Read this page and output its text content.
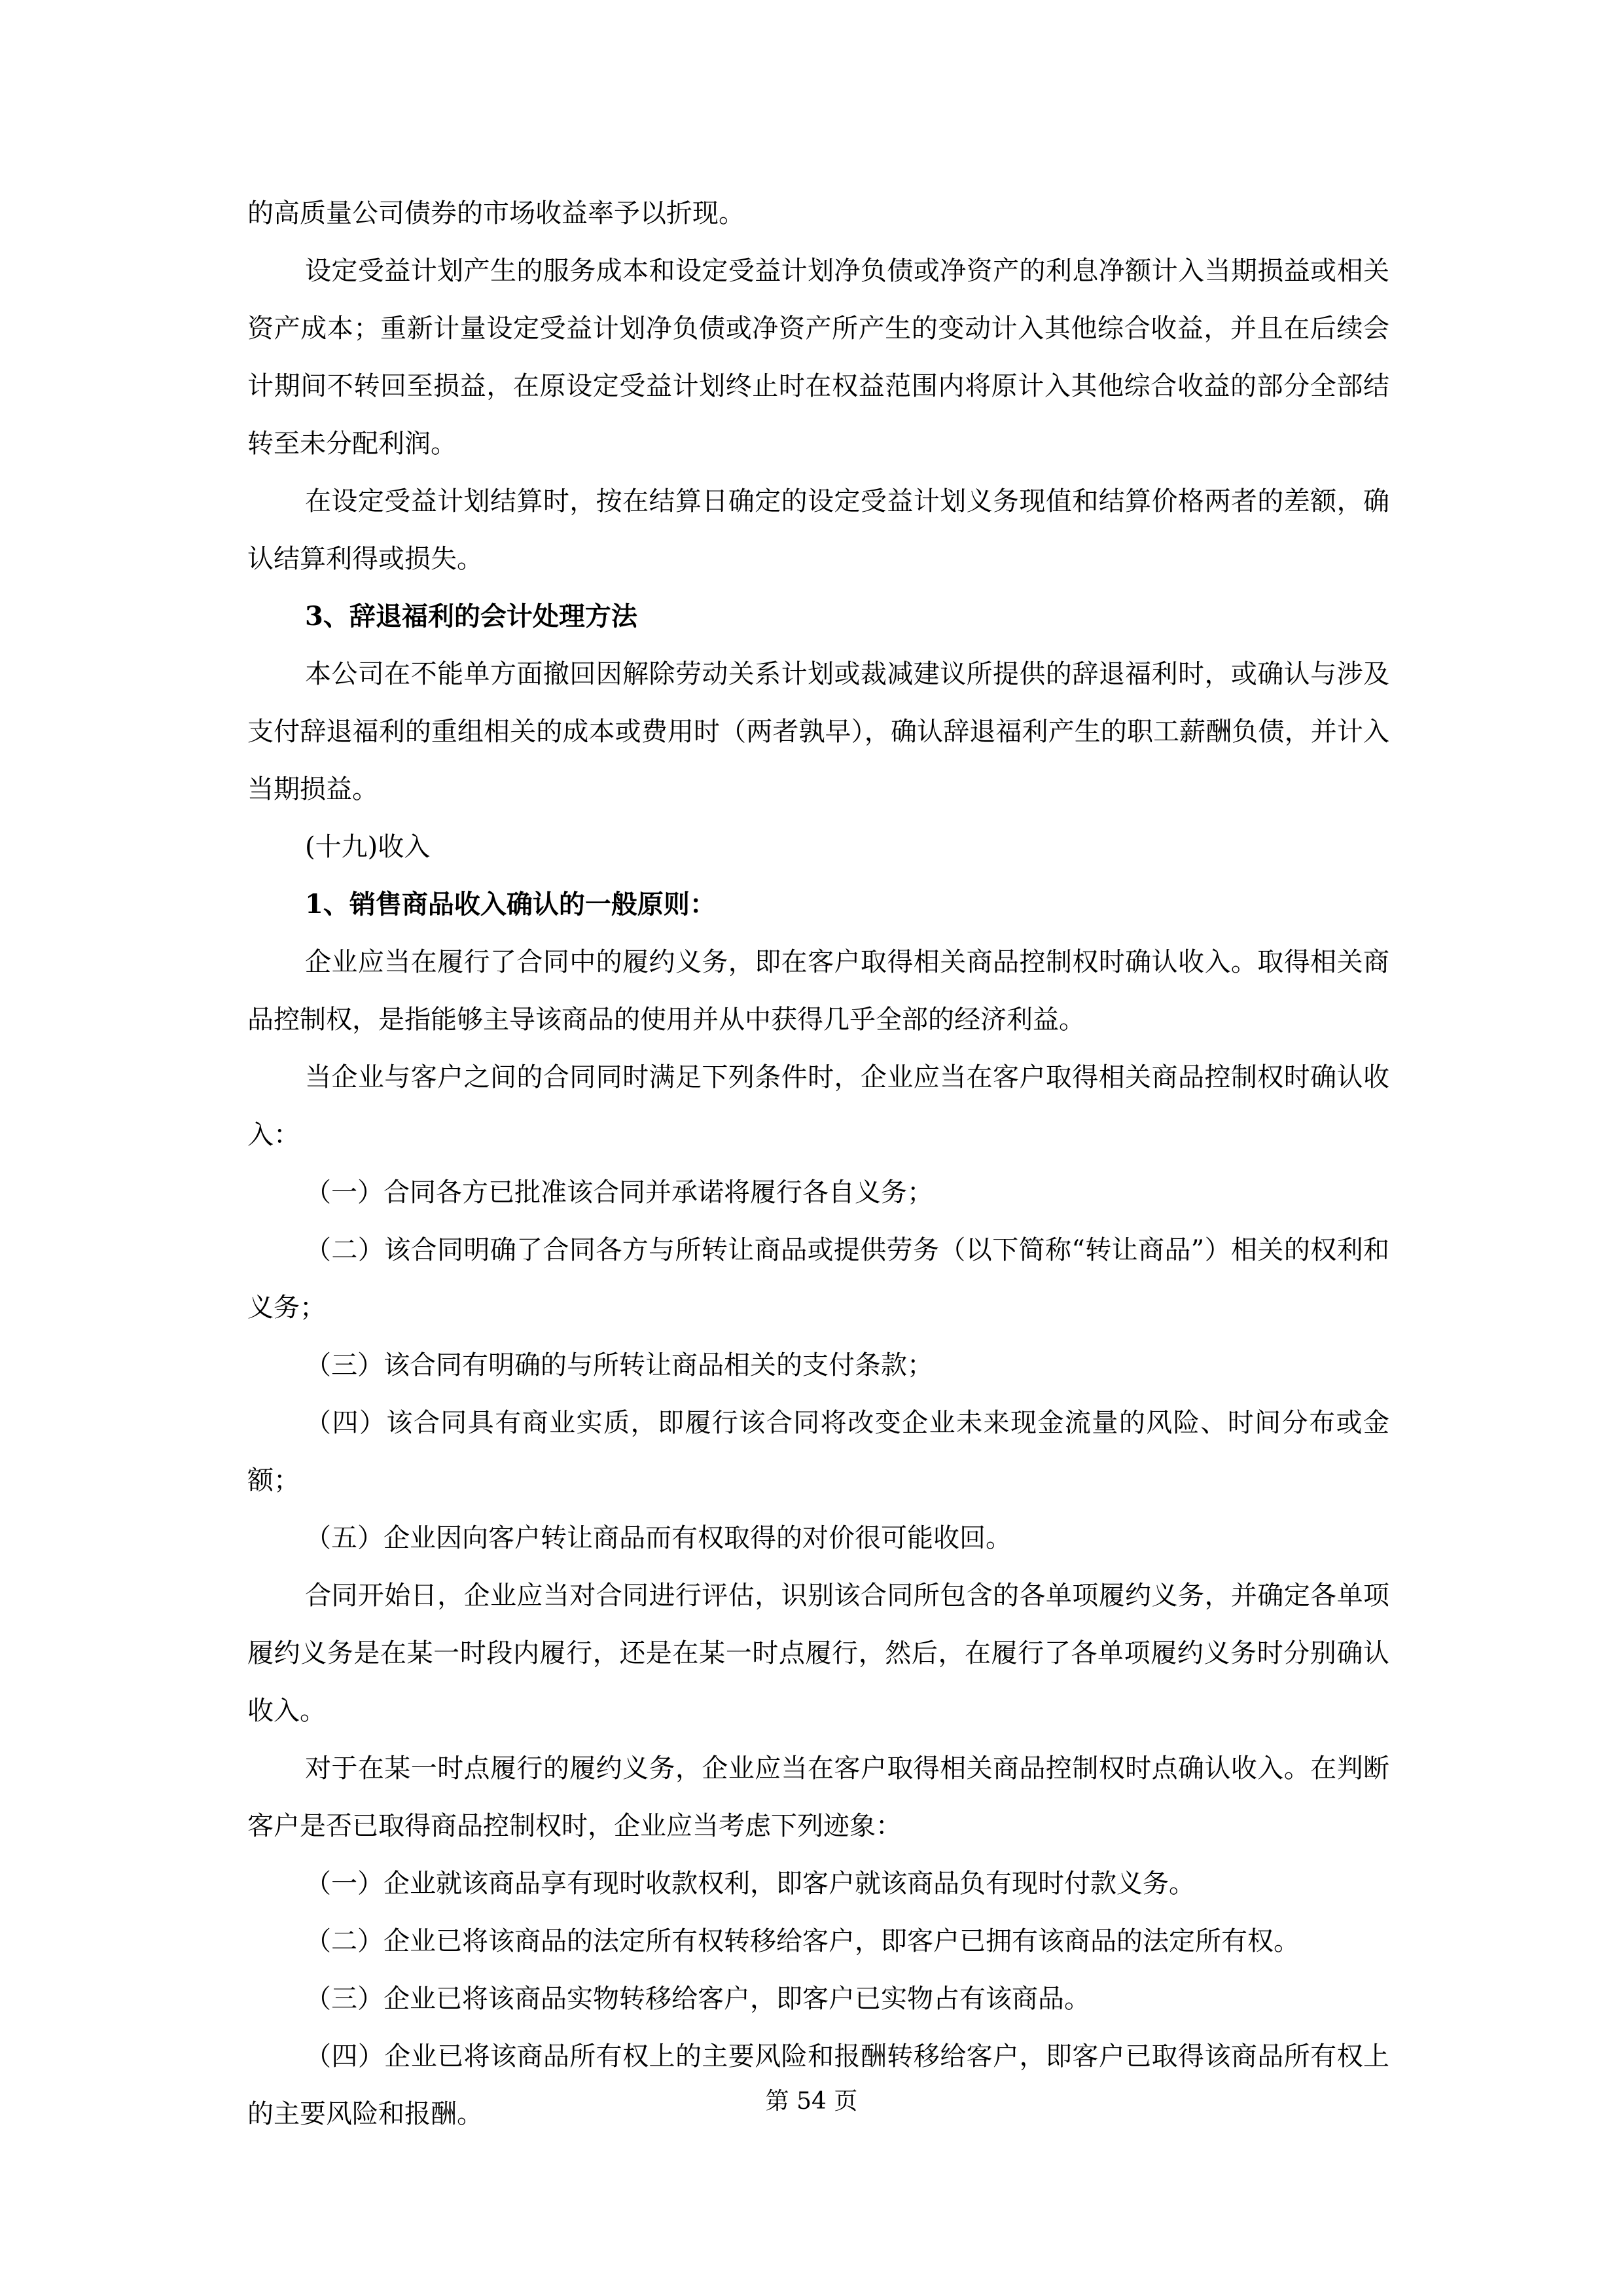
的高质量公司债券的市场收益率予以折现。

设定受益计划产生的服务成本和设定受益计划净负债或净资产的利息净额计入当期损益或相关资产成本；重新计量设定受益计划净负债或净资产所产生的变动计入其他综合收益，并且在后续会计期间不转回至损益，在原设定受益计划终止时在权益范围内将原计入其他综合收益的部分全部结转至未分配利润。

在设定受益计划结算时，按在结算日确定的设定受益计划义务现值和结算价格两者的差额，确认结算利得或损失。

3、辞退福利的会计处理方法

本公司在不能单方面撤回因解除劳动关系计划或裁减建议所提供的辞退福利时，或确认与涉及支付辞退福利的重组相关的成本或费用时（两者孰早），确认辞退福利产生的职工薪酬负债，并计入当期损益。

(十九)收入

1、销售商品收入确认的一般原则：

企业应当在履行了合同中的履约义务，即在客户取得相关商品控制权时确认收入。取得相关商品控制权，是指能够主导该商品的使用并从中获得几乎全部的经济利益。

当企业与客户之间的合同同时满足下列条件时，企业应当在客户取得相关商品控制权时确认收入：

（一）合同各方已批准该合同并承诺将履行各自义务；

（二）该合同明确了合同各方与所转让商品或提供劳务（以下简称“转让商品”）相关的权利和义务；

（三）该合同有明确的与所转让商品相关的支付条款；

（四）该合同具有商业实质，即履行该合同将改变企业未来现金流量的风险、时间分布或金额；

（五）企业因向客户转让商品而有权取得的对价很可能收回。

合同开始日，企业应当对合同进行评估，识别该合同所包含的各单项履约义务，并确定各单项履约义务是在某一时段内履行，还是在某一时点履行，然后，在履行了各单项履约义务时分别确认收入。

对于在某一时点履行的履约义务，企业应当在客户取得相关商品控制权时点确认收入。在判断客户是否已取得商品控制权时，企业应当考虑下列迹象：

（一）企业就该商品享有现时收款权利，即客户就该商品负有现时付款义务。

（二）企业已将该商品的法定所有权转移给客户，即客户已拥有该商品的法定所有权。

（三）企业已将该商品实物转移给客户，即客户已实物占有该商品。

（四）企业已将该商品所有权上的主要风险和报酬转移给客户，即客户已取得该商品所有权上的主要风险和报酬。	第 54 页
